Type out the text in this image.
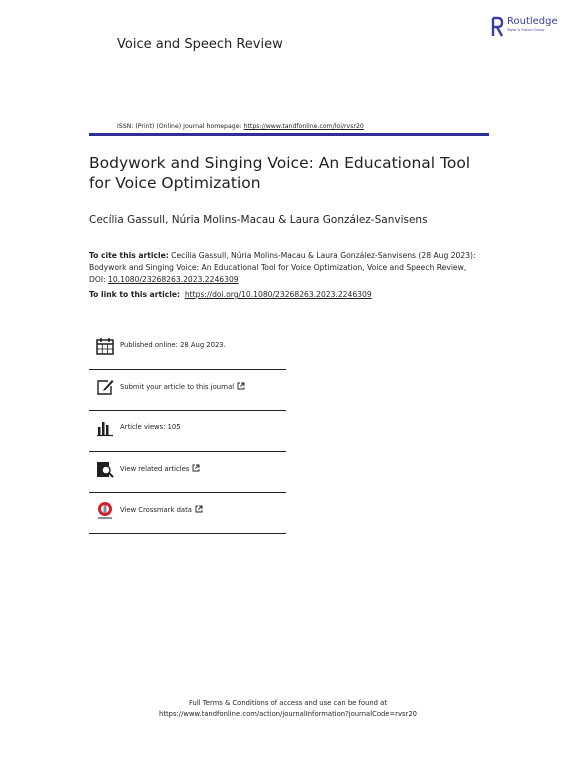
Voice and Speech Review
Routledge
Taylor & Francis Group
ISSN: (Print) (Online) Journal homepage: https://www.tandfonline.com/loi/rvsr20
Bodywork and Singing Voice: An Educational Tool for Voice Optimization
Cecília Gassull, Núria Molins-Macau & Laura González-Sanvisens
To cite this article: Cecília Gassull, Núria Molins-Macau & Laura González-Sanvisens (28 Aug 2023): Bodywork and Singing Voice: An Educational Tool for Voice Optimization, Voice and Speech Review, DOI: 10.1080/23268263.2023.2246309
To link to this article: https://doi.org/10.1080/23268263.2023.2246309
Published online: 28 Aug 2023.
Submit your article to this journal
Article views: 105
View related articles
View Crossmark data
Full Terms & Conditions of access and use can be found at
https://www.tandfonline.com/action/journalInformation?journalCode=rvsr20
